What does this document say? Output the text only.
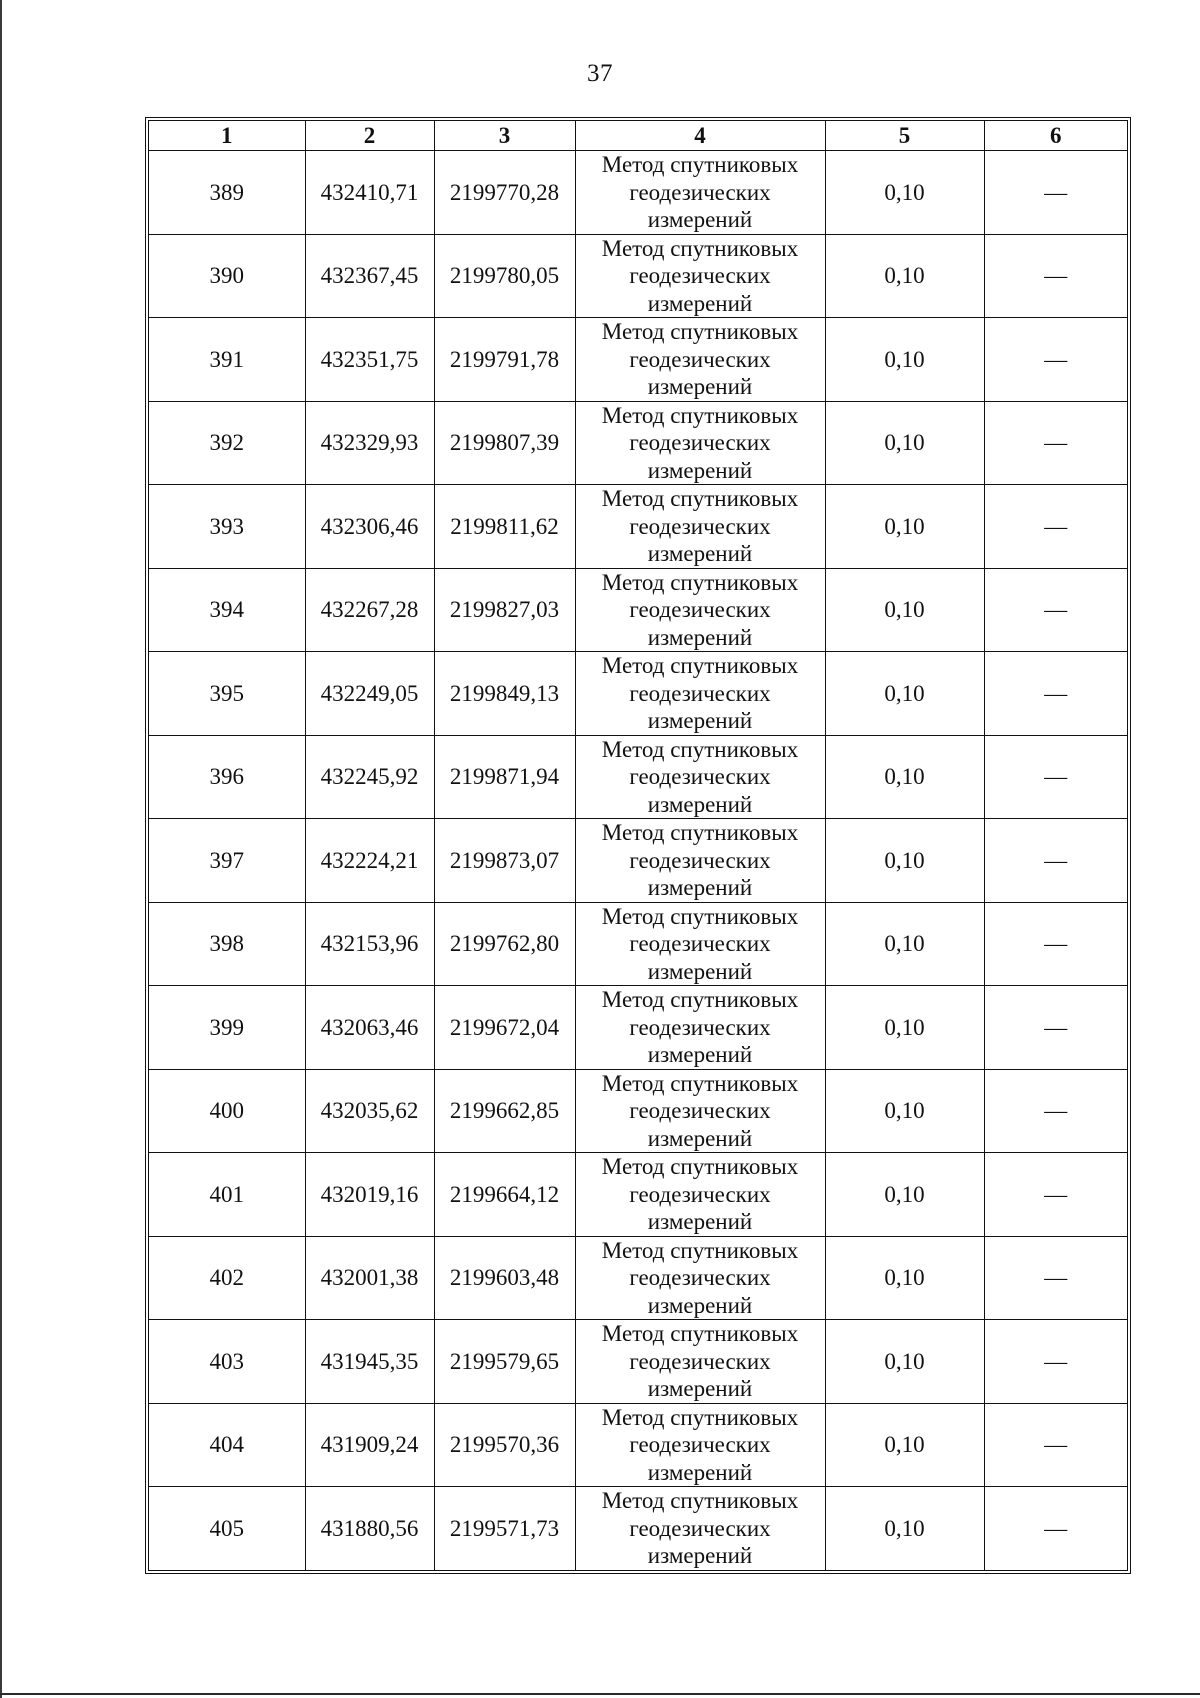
37
1	2	3	4	5	6
389	432410,71	2199770,28	Метод спутниковых
геодезических
измерений	0,10	—
390	432367,45	2199780,05	Метод спутниковых
геодезических
измерений	0,10	—
391	432351,75	2199791,78	Метод спутниковых
геодезических
измерений	0,10	—
392	432329,93	2199807,39	Метод спутниковых
геодезических
измерений	0,10	—
393	432306,46	2199811,62	Метод спутниковых
геодезических
измерений	0,10	—
394	432267,28	2199827,03	Метод спутниковых
геодезических
измерений	0,10	—
395	432249,05	2199849,13	Метод спутниковых
геодезических
измерений	0,10	—
396	432245,92	2199871,94	Метод спутниковых
геодезических
измерений	0,10	—
397	432224,21	2199873,07	Метод спутниковых
геодезических
измерений	0,10	—
398	432153,96	2199762,80	Метод спутниковых
геодезических
измерений	0,10	—
399	432063,46	2199672,04	Метод спутниковых
геодезических
измерений	0,10	—
400	432035,62	2199662,85	Метод спутниковых
геодезических
измерений	0,10	—
401	432019,16	2199664,12	Метод спутниковых
геодезических
измерений	0,10	—
402	432001,38	2199603,48	Метод спутниковых
геодезических
измерений	0,10	—
403	431945,35	2199579,65	Метод спутниковых
геодезических
измерений	0,10	—
404	431909,24	2199570,36	Метод спутниковых
геодезических
измерений	0,10	—
405	431880,56	2199571,73	Метод спутниковых
геодезических
измерений	0,10	—
